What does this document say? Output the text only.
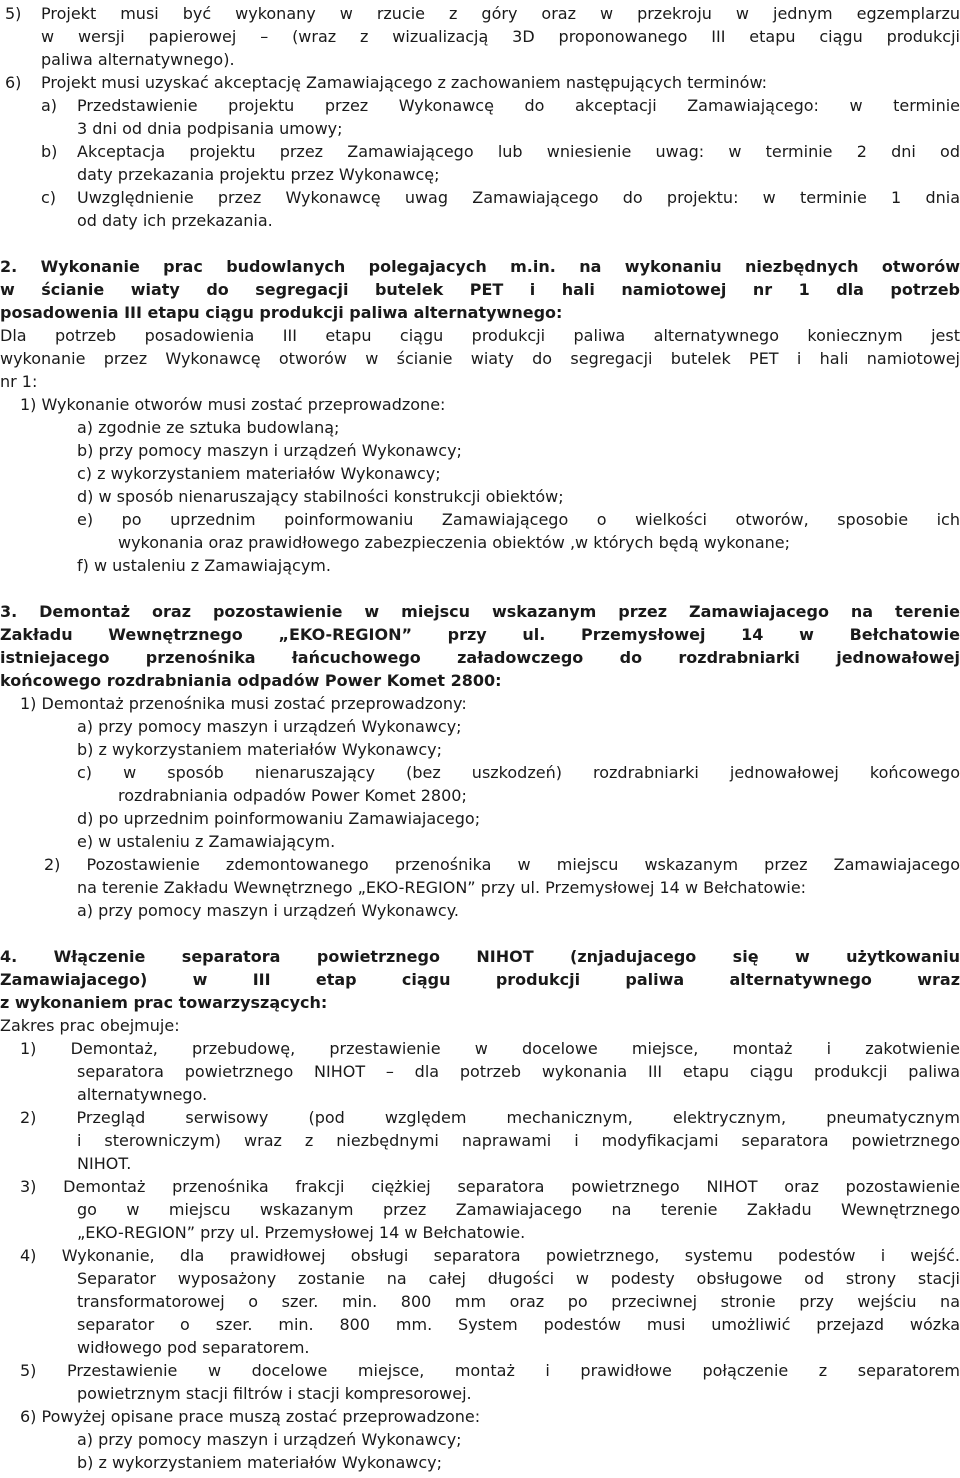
5) Projekt musi być wykonany w rzucie z góry oraz w przekroju w jednym egzemplarzu
w wersji papierowej – (wraz z wizualizacją 3D proponowanego III etapu ciągu produkcji
paliwa alternatywnego).
6) Projekt musi uzyskać akceptację Zamawiającego z zachowaniem następujących terminów:
a) Przedstawienie projektu przez Wykonawcę do akceptacji Zamawiającego: w terminie
3 dni od dnia podpisania umowy;
b) Akceptacja projektu przez Zamawiającego lub wniesienie uwag: w terminie 2 dni od
daty przekazania projektu przez Wykonawcę;
c) Uwzględnienie przez Wykonawcę uwag Zamawiającego do projektu: w terminie 1 dnia
od daty ich przekazania.
2. Wykonanie prac budowlanych polegajacych m.in. na wykonaniu niezbędnych otworów
w ścianie wiaty do segregacji butelek PET i hali namiotowej nr 1 dla potrzeb
posadowenia III etapu ciągu produkcji paliwa alternatywnego:
Dla potrzeb posadowienia III etapu ciągu produkcji paliwa alternatywnego koniecznym jest
wykonanie przez Wykonawcę otworów w ścianie wiaty do segregacji butelek PET i hali namiotowej
nr 1:
1) Wykonanie otworów musi zostać przeprowadzone:
a) zgodnie ze sztuka budowlaną;
b) przy pomocy maszyn i urządzeń Wykonawcy;
c) z wykorzystaniem materiałów Wykonawcy;
d) w sposób nienaruszający stabilności konstrukcji obiektów;
e) po uprzednim poinformowaniu Zamawiającego o wielkości otworów, sposobie ich
wykonania oraz prawidłowego zabezpieczenia obiektów ,w których będą wykonane;
f) w ustaleniu z Zamawiającym.
3. Demontaż oraz pozostawienie w miejscu wskazanym przez Zamawiajacego na terenie
Zakładu Wewnętrznego „EKO-REGION” przy ul. Przemysłowej 14 w Bełchatowie
istniejacego przenośnika łańcuchowego załadowczego do rozdrabniarki jednowałowej
końcowego rozdrabniania odpadów Power Komet 2800:
1) Demontaż przenośnika musi zostać przeprowadzony:
a) przy pomocy maszyn i urządzeń Wykonawcy;
b) z wykorzystaniem materiałów Wykonawcy;
c) w sposób nienaruszający (bez uszkodzeń) rozdrabniarki jednowałowej końcowego
rozdrabniania odpadów Power Komet 2800;
d) po uprzednim poinformowaniu Zamawiajacego;
e) w ustaleniu z Zamawiającym.
2) Pozostawienie zdemontowanego przenośnika w miejscu wskazanym przez Zamawiajacego
na terenie Zakładu Wewnętrznego „EKO-REGION” przy ul. Przemysłowej 14 w Bełchatowie:
a) przy pomocy maszyn i urządzeń Wykonawcy.
4. Włączenie separatora powietrznego NIHOT (znjadujacego się w użytkowaniu
Zamawiajacego) w III etap ciągu produkcji paliwa alternatywnego wraz
z wykonaniem prac towarzyszących:
Zakres prac obejmuje:
1) Demontaż, przebudowę, przestawienie w docelowe miejsce, montaż i zakotwienie
separatora powietrznego NIHOT – dla potrzeb wykonania III etapu ciągu produkcji paliwa
alternatywnego.
2) Przegląd serwisowy (pod względem mechanicznym, elektrycznym, pneumatycznym
i sterowniczym) wraz z niezbędnymi naprawami i modyfikacjami separatora powietrznego
NIHOT.
3) Demontaż przenośnika frakcji ciężkiej separatora powietrznego NIHOT oraz pozostawienie
go w miejscu wskazanym przez Zamawiajacego na terenie Zakładu Wewnętrznego
„EKO-REGION” przy ul. Przemysłowej 14 w Bełchatowie.
4) Wykonanie, dla prawidłowej obsługi separatora powietrznego, systemu podestów i wejść.
Separator wyposażony zostanie na całej długości w podesty obsługowe od strony stacji
transformatorowej o szer. min. 800 mm oraz po przeciwnej stronie przy wejściu na
separator o szer. min. 800 mm. System podestów musi umożliwić przejazd wózka
widłowego pod separatorem.
5) Przestawienie w docelowe miejsce, montaż i prawidłowe połączenie z separatorem
powietrznym stacji filtrów i stacji kompresorowej.
6) Powyżej opisane prace muszą zostać przeprowadzone:
a) przy pomocy maszyn i urządzeń Wykonawcy;
b) z wykorzystaniem materiałów Wykonawcy;
